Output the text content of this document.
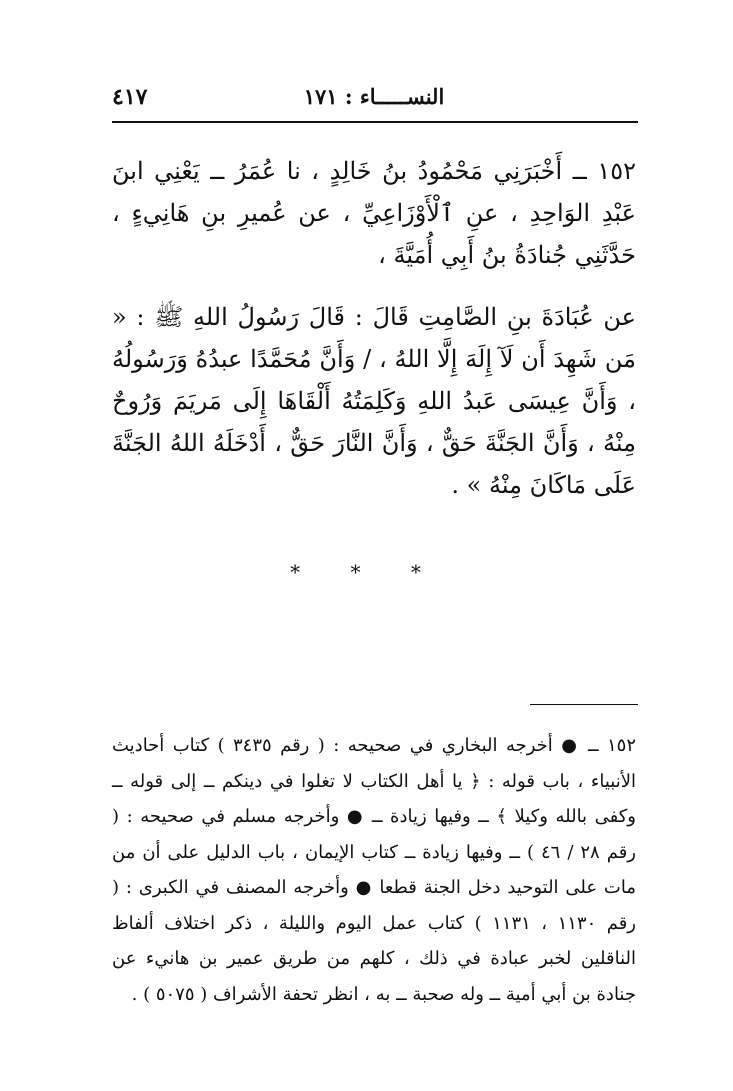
٤١٧	النســـــاء : ١٧١

١٥٢ ــ أَخْبَرَنِي مَحْمُودُ بنُ خَالِدٍ ، نا عُمَرُ ــ يَعْنِي ابنَ عَبْدِ الوَاحِدِ ، عنِ ٱلْأَوْزَاعِيِّ ، عن عُميرِ بنِ هَانِيءٍ ، حَدَّثَنِي جُنادَةُ بنُ أَبِي أُمَيَّةَ ،

عن عُبَادَةَ بنِ الصَّامِتِ قَالَ : قَالَ رَسُولُ اللهِ ﷺ : « مَن شَهِدَ أَن لَآ إِلَهَ إِلَّا اللهُ ، / وَأَنَّ مُحَمَّدًا عبدُهُ وَرَسُولُهُ ، وَأَنَّ عِيسَى عَبدُ اللهِ وَكَلِمَتُهُ أَلْقَاهَا إِلَى مَريَمَ وَرُوحٌ مِنْهُ ، وَأَنَّ الجَنَّةَ حَقٌّ ، وَأَنَّ النَّارَ حَقٌّ ، أَدْخَلَهُ اللهُ الجَنَّةَ عَلَى مَاكَانَ مِنْهُ » .

* * *

١٥٢ ــ ● أخرجه البخاري في صحيحه : ( رقم ٣٤٣٥ ) كتاب أحاديث الأنبياء ، باب قوله : ﴿ يا أهل الكتاب لا تغلوا في دينكم ــ إلى قوله ــ وكفى بالله وكيلا ﴾ ــ وفيها زيادة ــ ● وأخرجه مسلم في صحيحه : ( رقم ٢٨ / ٤٦ ) ــ وفيها زيادة ــ كتاب الإيمان ، باب الدليل على أن من مات على التوحيد دخل الجنة قطعا ● وأخرجه المصنف في الكبرى : ( رقم ١١٣٠ ، ١١٣١ ) كتاب عمل اليوم والليلة ، ذكر اختلاف ألفاظ الناقلين لخبر عبادة في ذلك ، كلهم من طريق عمير بن هانيء عن جنادة بن أبي أمية ــ وله صحبة ــ به ، انظر تحفة الأشراف ( ٥٠٧٥ ) .
